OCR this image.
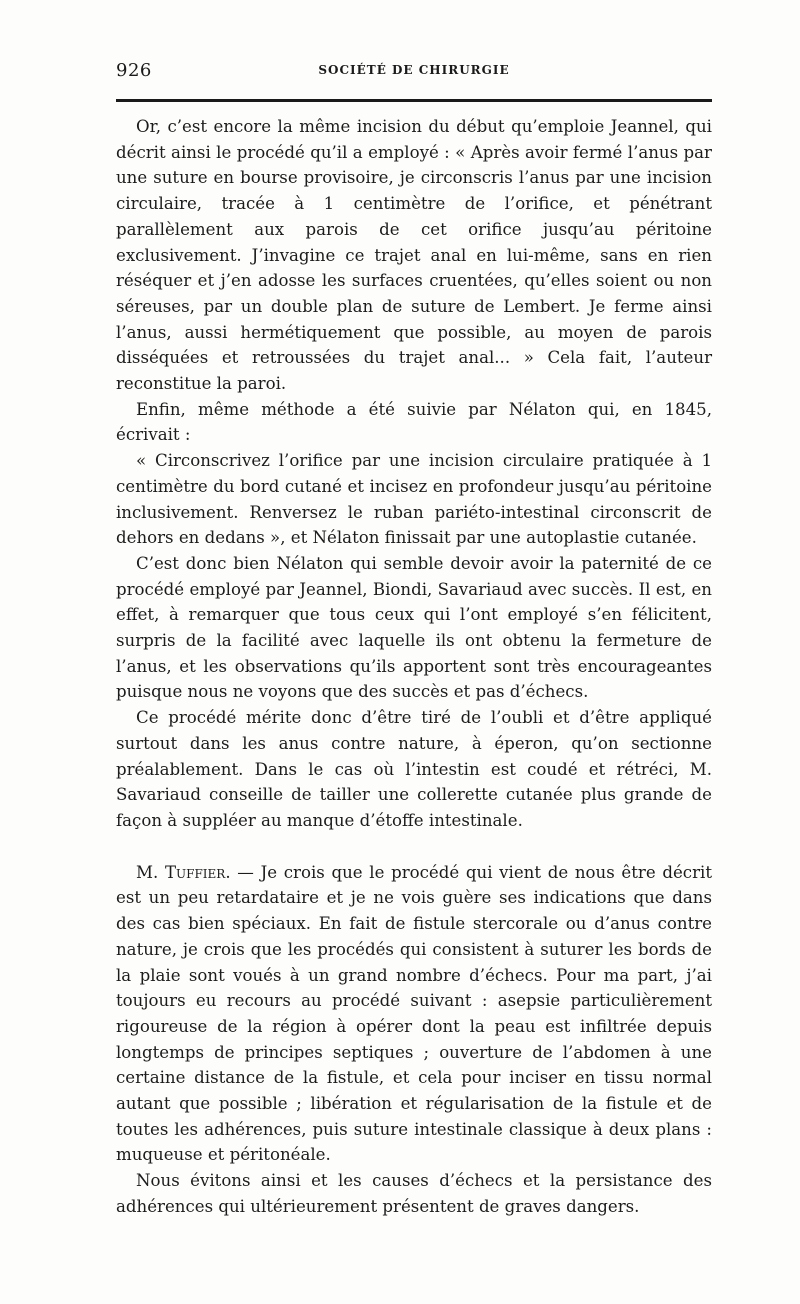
926	SOCIÉTÉ DE CHIRURGIE

Or, c’est encore la même incision du début qu’emploie Jeannel, qui décrit ainsi le procédé qu’il a employé : « Après avoir fermé l’anus par une suture en bourse provisoire, je circonscris l’anus par une incision circulaire, tracée à 1 centimètre de l’orifice, et pénétrant parallèlement aux parois de cet orifice jusqu’au péritoine exclusivement. J’invagine ce trajet anal en lui-même, sans en rien réséquer et j’en adosse les surfaces cruentées, qu’elles soient ou non séreuses, par un double plan de suture de Lembert. Je ferme ainsi l’anus, aussi hermétiquement que possible, au moyen de parois disséquées et retroussées du trajet anal... » Cela fait, l’auteur reconstitue la paroi.

Enfin, même méthode a été suivie par Nélaton qui, en 1845, écrivait :

« Circonscrivez l’orifice par une incision circulaire pratiquée à 1 centimètre du bord cutané et incisez en profondeur jusqu’au péritoine inclusivement. Renversez le ruban pariéto-intestinal circonscrit de dehors en dedans », et Nélaton finissait par une autoplastie cutanée.

C’est donc bien Nélaton qui semble devoir avoir la paternité de ce procédé employé par Jeannel, Biondi, Savariaud avec succès. Il est, en effet, à remarquer que tous ceux qui l’ont employé s’en félicitent, surpris de la facilité avec laquelle ils ont obtenu la fermeture de l’anus, et les observations qu’ils apportent sont très encourageantes puisque nous ne voyons que des succès et pas d’échecs.

Ce procédé mérite donc d’être tiré de l’oubli et d’être appliqué surtout dans les anus contre nature, à éperon, qu’on sectionne préalablement. Dans le cas où l’intestin est coudé et rétréci, M. Savariaud conseille de tailler une collerette cutanée plus grande de façon à suppléer au manque d’étoffe intestinale.

M. Tuffier. — Je crois que le procédé qui vient de nous être décrit est un peu retardataire et je ne vois guère ses indications que dans des cas bien spéciaux. En fait de fistule stercorale ou d’anus contre nature, je crois que les procédés qui consistent à suturer les bords de la plaie sont voués à un grand nombre d’échecs. Pour ma part, j’ai toujours eu recours au procédé suivant : asepsie particulièrement rigoureuse de la région à opérer dont la peau est infiltrée depuis longtemps de principes septiques ; ouverture de l’abdomen à une certaine distance de la fistule, et cela pour inciser en tissu normal autant que possible ; libération et régularisation de la fistule et de toutes les adhérences, puis suture intestinale classique à deux plans : muqueuse et péritonéale.

Nous évitons ainsi et les causes d’échecs et la persistance des adhérences qui ultérieurement présentent de graves dangers.
